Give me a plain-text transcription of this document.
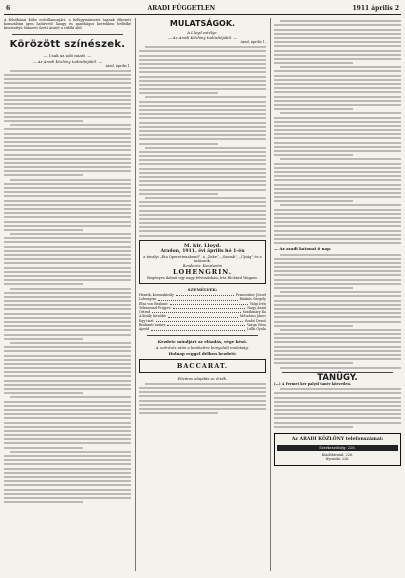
6	ARADI FÜGGETLEN	1911 április 2

A felsőbánai kőbe esővillamosjárt, a belügyminiszter tagnak étkezett konszáleim igen határvető haugy és ganebágos kertekben belfolke kiszivattyú Sámeeti Geeti Aratét a vidéki alól.

Körözött színészek.
— Csak az adó miatt. —
— Az Aradi Közlöny tudósítójától. —
Arad, április 1.
MULATSÁGOK.
A Lloyd estélye.
— Az Aradi Közlöny tudósítójától. —
Arad, április 1.
M. kir. Lloyd.
Aradon, 1911. évi április hó 1-én
a tavalyi „Ein Operettenabend”, a „Zeke”, „Szomb”, „Ujság” és a műsorok.
Rendezés: Konstantin
LOHENGRIN.
Regényes dalmű egy nagy felvonásban, írta Richárd Wagner.
SZEMÉLYEK:
Henrik, koronakirály	Francoskov József
Lohengrin	Ránkás Gergely
Elza von Brabant	Valgi Irén
Telramund Frigyes	Nagy Antal
Ortrud	Szathmáry Ila
A király hirnöke	Mészáros János
Egy tiszt	Szabó Dezső
Brabanti nemes	Varga Géza
Apród	Lelki Gyula
Kezdete mindjárt az előadás, vége késő.
A szőrőzés után a bankettre bonyolult mulatság.
Holnap reggel délben kezdett:
BACCARAT.
Főváros alapítás az érték.
— Az aradi katonai 6 nap.
TANÜGY.
(—) A Fermet ker palyól tanév közvetlen.
Az ARADI KÖZLÖNY telefonszámai:
Szerkesztőség: 226.
Kiadóhivatal: 226.
Nyomda: 226.
